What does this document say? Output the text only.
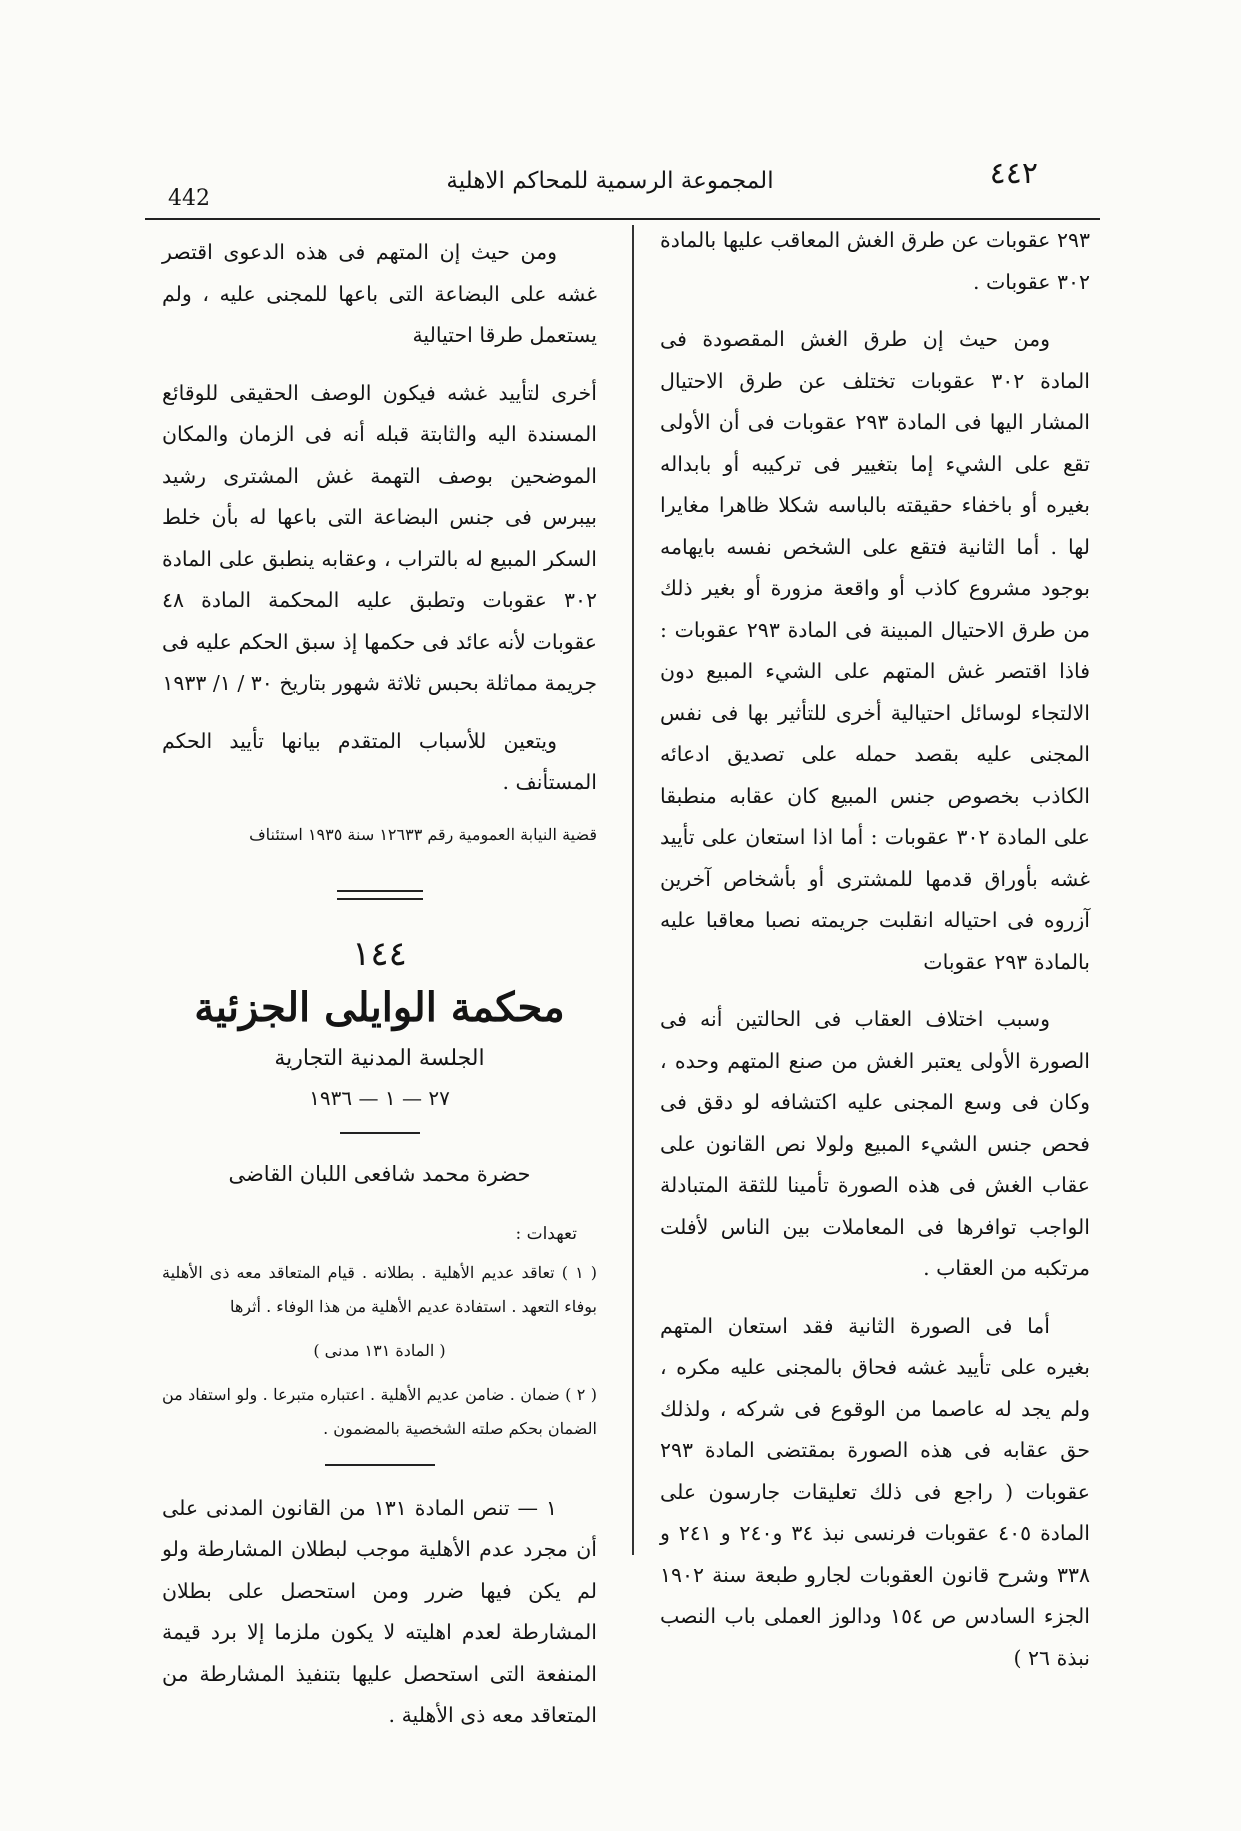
442
المجموعة الرسمية للمحاكم الاهلية	٤٤٢

٢٩٣ عقوبات عن طرق الغش المعاقب عليها بالمادة ٣٠٢ عقوبات .

ومن حيث إن طرق الغش المقصودة فى المادة ٣٠٢ عقوبات تختلف عن طرق الاحتيال المشار اليها فى المادة ٢٩٣ عقوبات فى أن الأولى تقع على الشيء إما بتغيير فى تركيبه أو بابداله بغيره أو باخفاء حقيقته بالباسه شكلا ظاهرا مغايرا لها . أما الثانية فتقع على الشخص نفسه بايهامه بوجود مشروع كاذب أو واقعة مزورة أو بغير ذلك من طرق الاحتيال المبينة فى المادة ٢٩٣ عقوبات : فاذا اقتصر غش المتهم على الشيء المبيع دون الالتجاء لوسائل احتيالية أخرى للتأثير بها فى نفس المجنى عليه بقصد حمله على تصديق ادعائه الكاذب بخصوص جنس المبيع كان عقابه منطبقا على المادة ٣٠٢ عقوبات : أما اذا استعان على تأييد غشه بأوراق قدمها للمشترى أو بأشخاص آخرين آزروه فى احتياله انقلبت جريمته نصبا معاقبا عليه بالمادة ٢٩٣ عقوبات

وسبب اختلاف العقاب فى الحالتين أنه فى الصورة الأولى يعتبر الغش من صنع المتهم وحده ، وكان فى وسع المجنى عليه اكتشافه لو دقق فى فحص جنس الشيء المبيع ولولا نص القانون على عقاب الغش فى هذه الصورة تأمينا للثقة المتبادلة الواجب توافرها فى المعاملات بين الناس لأفلت مرتكبه من العقاب .

أما فى الصورة الثانية فقد استعان المتهم بغيره على تأييد غشه فحاق بالمجنى عليه مكره ، ولم يجد له عاصما من الوقوع فى شركه ، ولذلك حق عقابه فى هذه الصورة بمقتضى المادة ٢٩٣ عقوبات ( راجع فى ذلك تعليقات جارسون على المادة ٤٠٥ عقوبات فرنسى نبذ ٣٤ و٢٤٠ و ٢٤١ و ٣٣٨ وشرح قانون العقوبات لجارو طبعة سنة ١٩٠٢ الجزء السادس ص ١٥٤ ودالوز العملى باب النصب نبذة ٢٦ )

ومن حيث إن المتهم فى هذه الدعوى اقتصر غشه على البضاعة التى باعها للمجنى عليه ، ولم يستعمل طرقا احتيالية

أخرى لتأييد غشه فيكون الوصف الحقيقى للوقائع المسندة اليه والثابتة قبله أنه فى الزمان والمكان الموضحين بوصف التهمة غش المشترى رشيد بيبرس فى جنس البضاعة التى باعها له بأن خلط السكر المبيع له بالتراب ، وعقابه ينطبق على المادة ٣٠٢ عقوبات وتطبق عليه المحكمة المادة ٤٨ عقوبات لأنه عائد فى حكمها إذ سبق الحكم عليه فى جريمة مماثلة بحبس ثلاثة شهور بتاريخ ٣٠ / ١/ ١٩٣٣

ويتعين للأسباب المتقدم بيانها تأييد الحكم المستأنف .

قضية النيابة العمومية رقم ١٢٦٣٣ سنة ١٩٣٥ استئناف

١٤٤

محكمة الوايلى الجزئية

الجلسة المدنية التجارية

٢٧ — ١ — ١٩٣٦

حضرة محمد شافعى اللبان القاضى

تعهدات :

( ١ ) تعاقد عديم الأهلية . بطلانه . قيام المتعاقد معه ذى الأهلية بوفاء التعهد . استفادة عديم الأهلية من هذا الوفاء . أثرها

( المادة ١٣١ مدنى )

( ٢ ) ضمان . ضامن عديم الأهلية . اعتباره متبرعا . ولو استفاد من الضمان بحكم صلته الشخصية بالمضمون .

١ — تنص المادة ١٣١ من القانون المدنى على أن مجرد عدم الأهلية موجب لبطلان المشارطة ولو لم يكن فيها ضرر ومن استحصل على بطلان المشارطة لعدم اهليته لا يكون ملزما إلا برد قيمة المنفعة التى استحصل عليها بتنفيذ المشارطة من المتعاقد معه ذى الأهلية .
